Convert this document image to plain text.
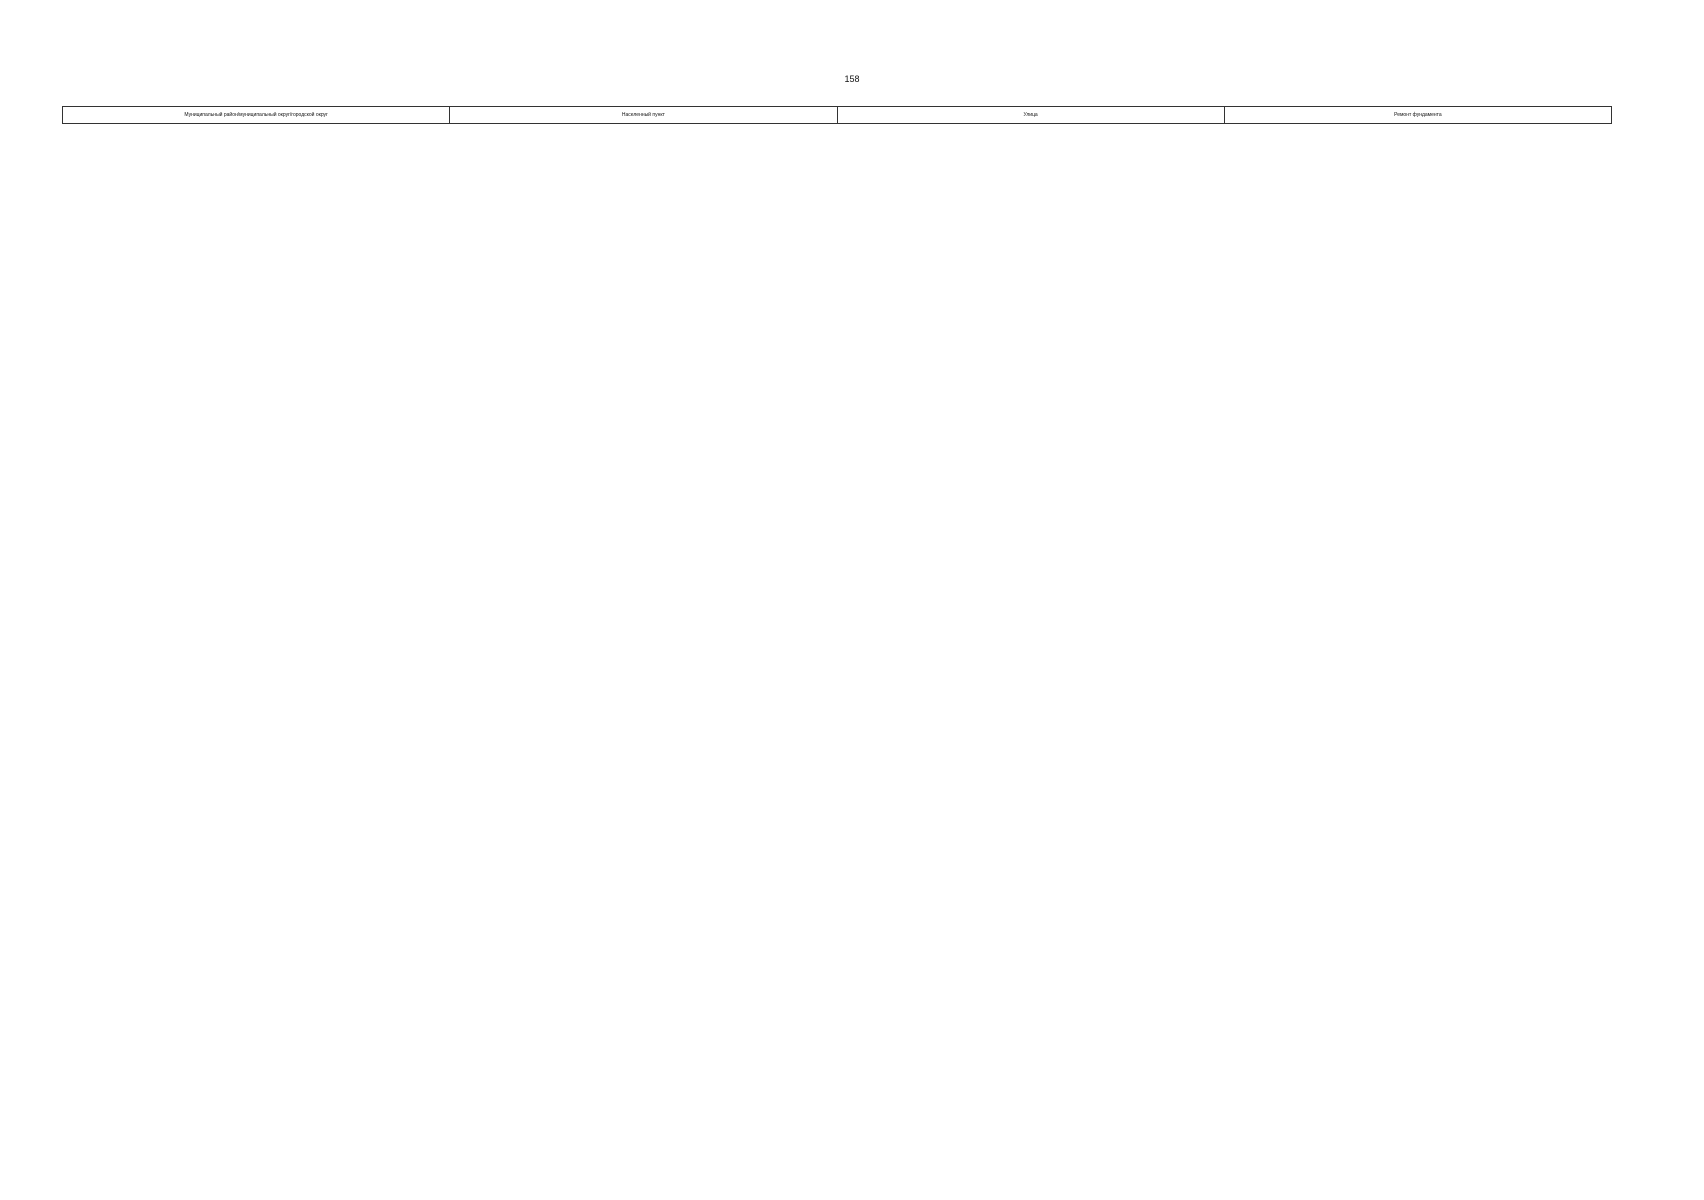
158
Муниципальный район/муниципальный округ/городской округ	Населенный пункт	Улица	Ремонт фундамента
